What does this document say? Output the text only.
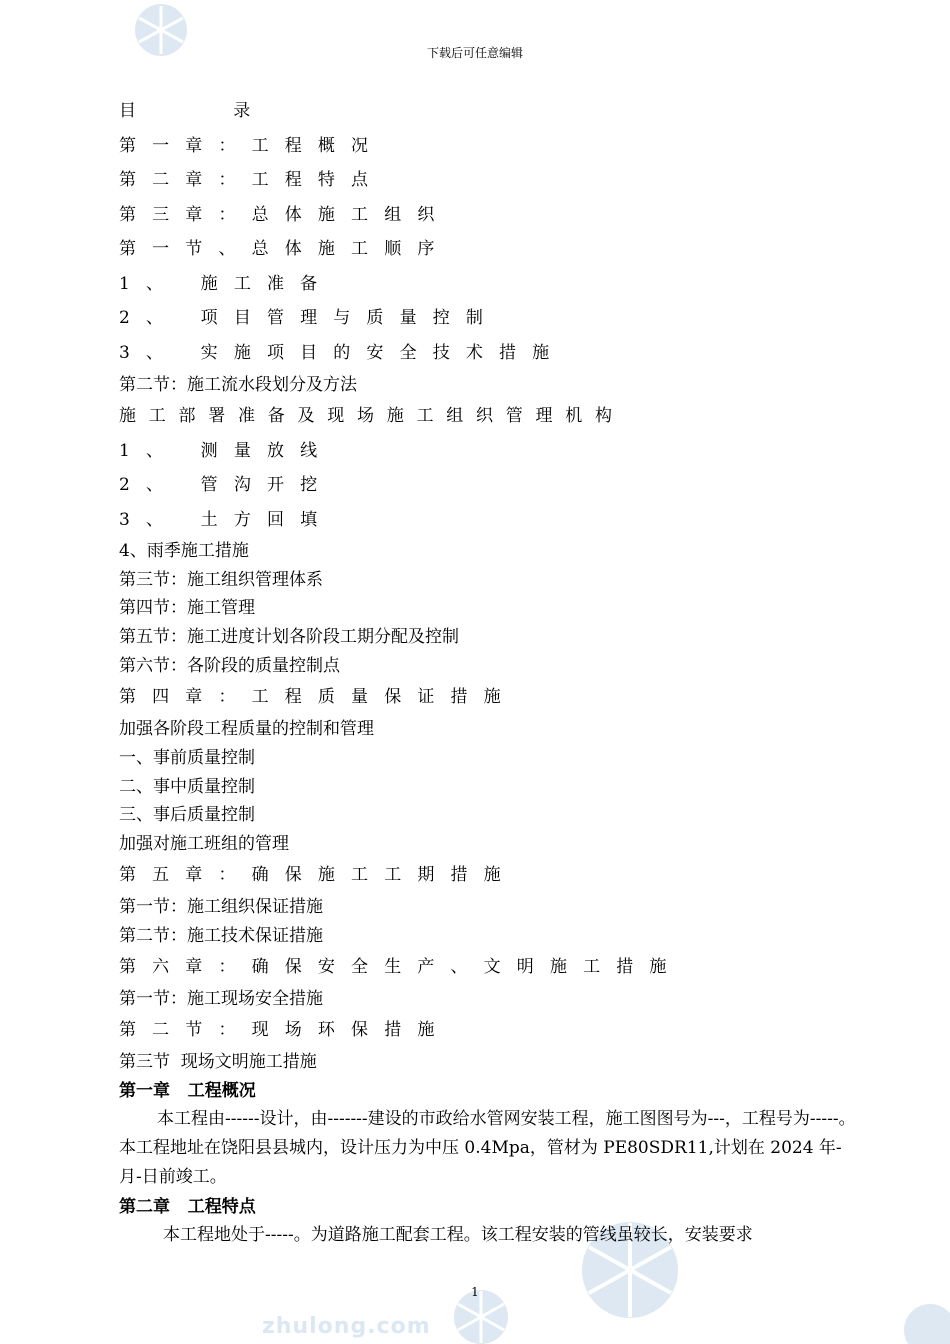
zhulong.com
下载后可任意编辑
目                  录
第一章：工程概况
第二章：工程特点
第三章：总体施工组织
第一节、总体施工顺序
1、 施工准备
2、 项目管理与质量控制
3、 实施项目的安全技术措施
第二节：施工流水段划分及方法
施工部署准备及现场施工组织管理机构
1、 测量放线
2、 管沟开挖
3、 土方回填
4、雨季施工措施
第三节：施工组织管理体系
第四节：施工管理
第五节：施工进度计划各阶段工期分配及控制
第六节：各阶段的质量控制点
第四章：工程质量保证措施
加强各阶段工程质量的控制和管理
一、事前质量控制
二、事中质量控制
三、事后质量控制
加强对施工班组的管理
第五章：确保施工工期措施
第一节：施工组织保证措施
第二节：施工技术保证措施
第六章：确保安全生产、文明施工措施
第一节：施工现场安全措施
第二节：现场环保措施
第三节  现场文明施工措施
第一章   工程概况
本工程由------设计，由-------建设的市政给水管网安装工程，施工图图号为---，工程号为-----。本工程地址在饶阳县县城内，设计压力为中压 0.4Mpa，管材为 PE80SDR11,计划在 2024 年-月-日前竣工。
第二章   工程特点
本工程地处于-----。为道路施工配套工程。该工程安装的管线虽较长，安装要求
1
